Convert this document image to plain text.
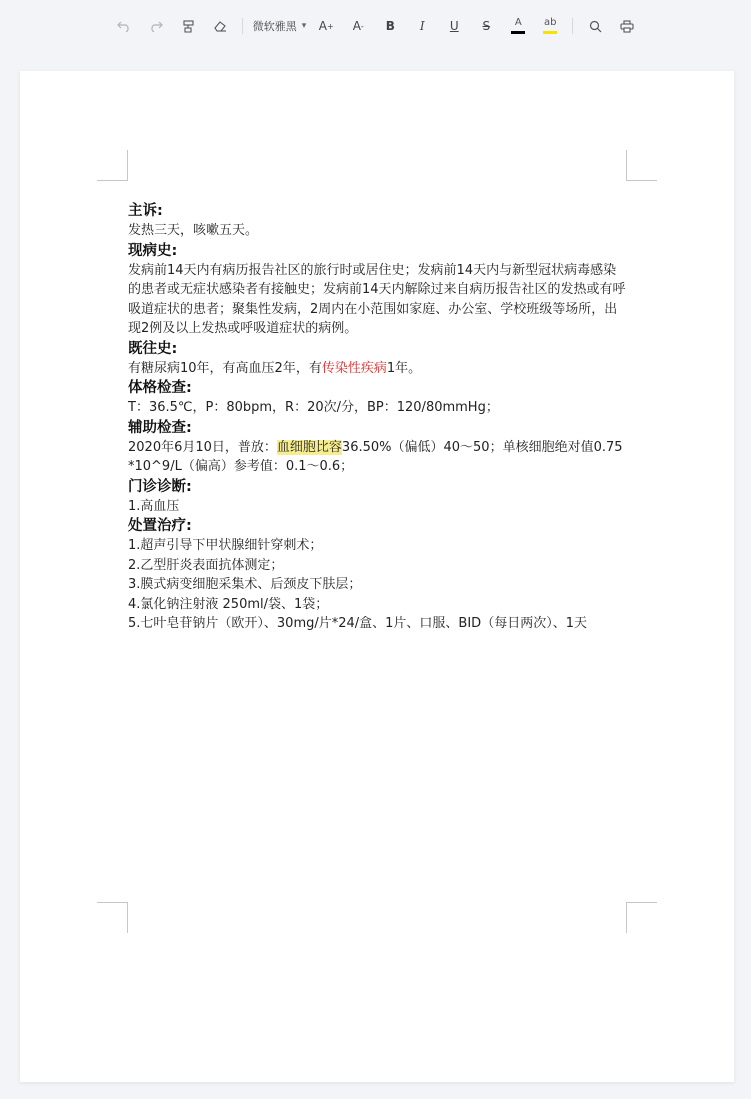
微软雅黑 ▾ A +	A -	B	I	U	S	A ab
主诉:

发热三天，咳嗽五天。

现病史:

发病前14天内有病历报告社区的旅行时或居住史；发病前14天内与新型冠状病毒感染的患者或无症状感染者有接触史；发病前14天内解除过来自病历报告社区的发热或有呼吸道症状的患者；聚集性发病，2周内在小范围如家庭、办公室、学校班级等场所，出现2例及以上发热或呼吸道症状的病例。

既往史:

有糖尿病10年，有高血压2年，有传染性疾病1年。

体格检查:

T：36.5℃，P：80bpm，R：20次/分，BP：120/80mmHg；

辅助检查:

2020年6月10日，普放：血细胞比容36.50%（偏低）40～50；单核细胞绝对值0.75*10^9/L（偏高）参考值：0.1～0.6；

门诊诊断:

1.高血压

处置治疗:

1.超声引导下甲状腺细针穿刺术；

2.乙型肝炎表面抗体测定；

3.膜式病变细胞采集术、后颈皮下肤层；

4.氯化钠注射液 250ml/袋、1袋；

5.七叶皂苷钠片（欧开）、30mg/片*24/盒、1片、口服、BID（每日两次）、1天
